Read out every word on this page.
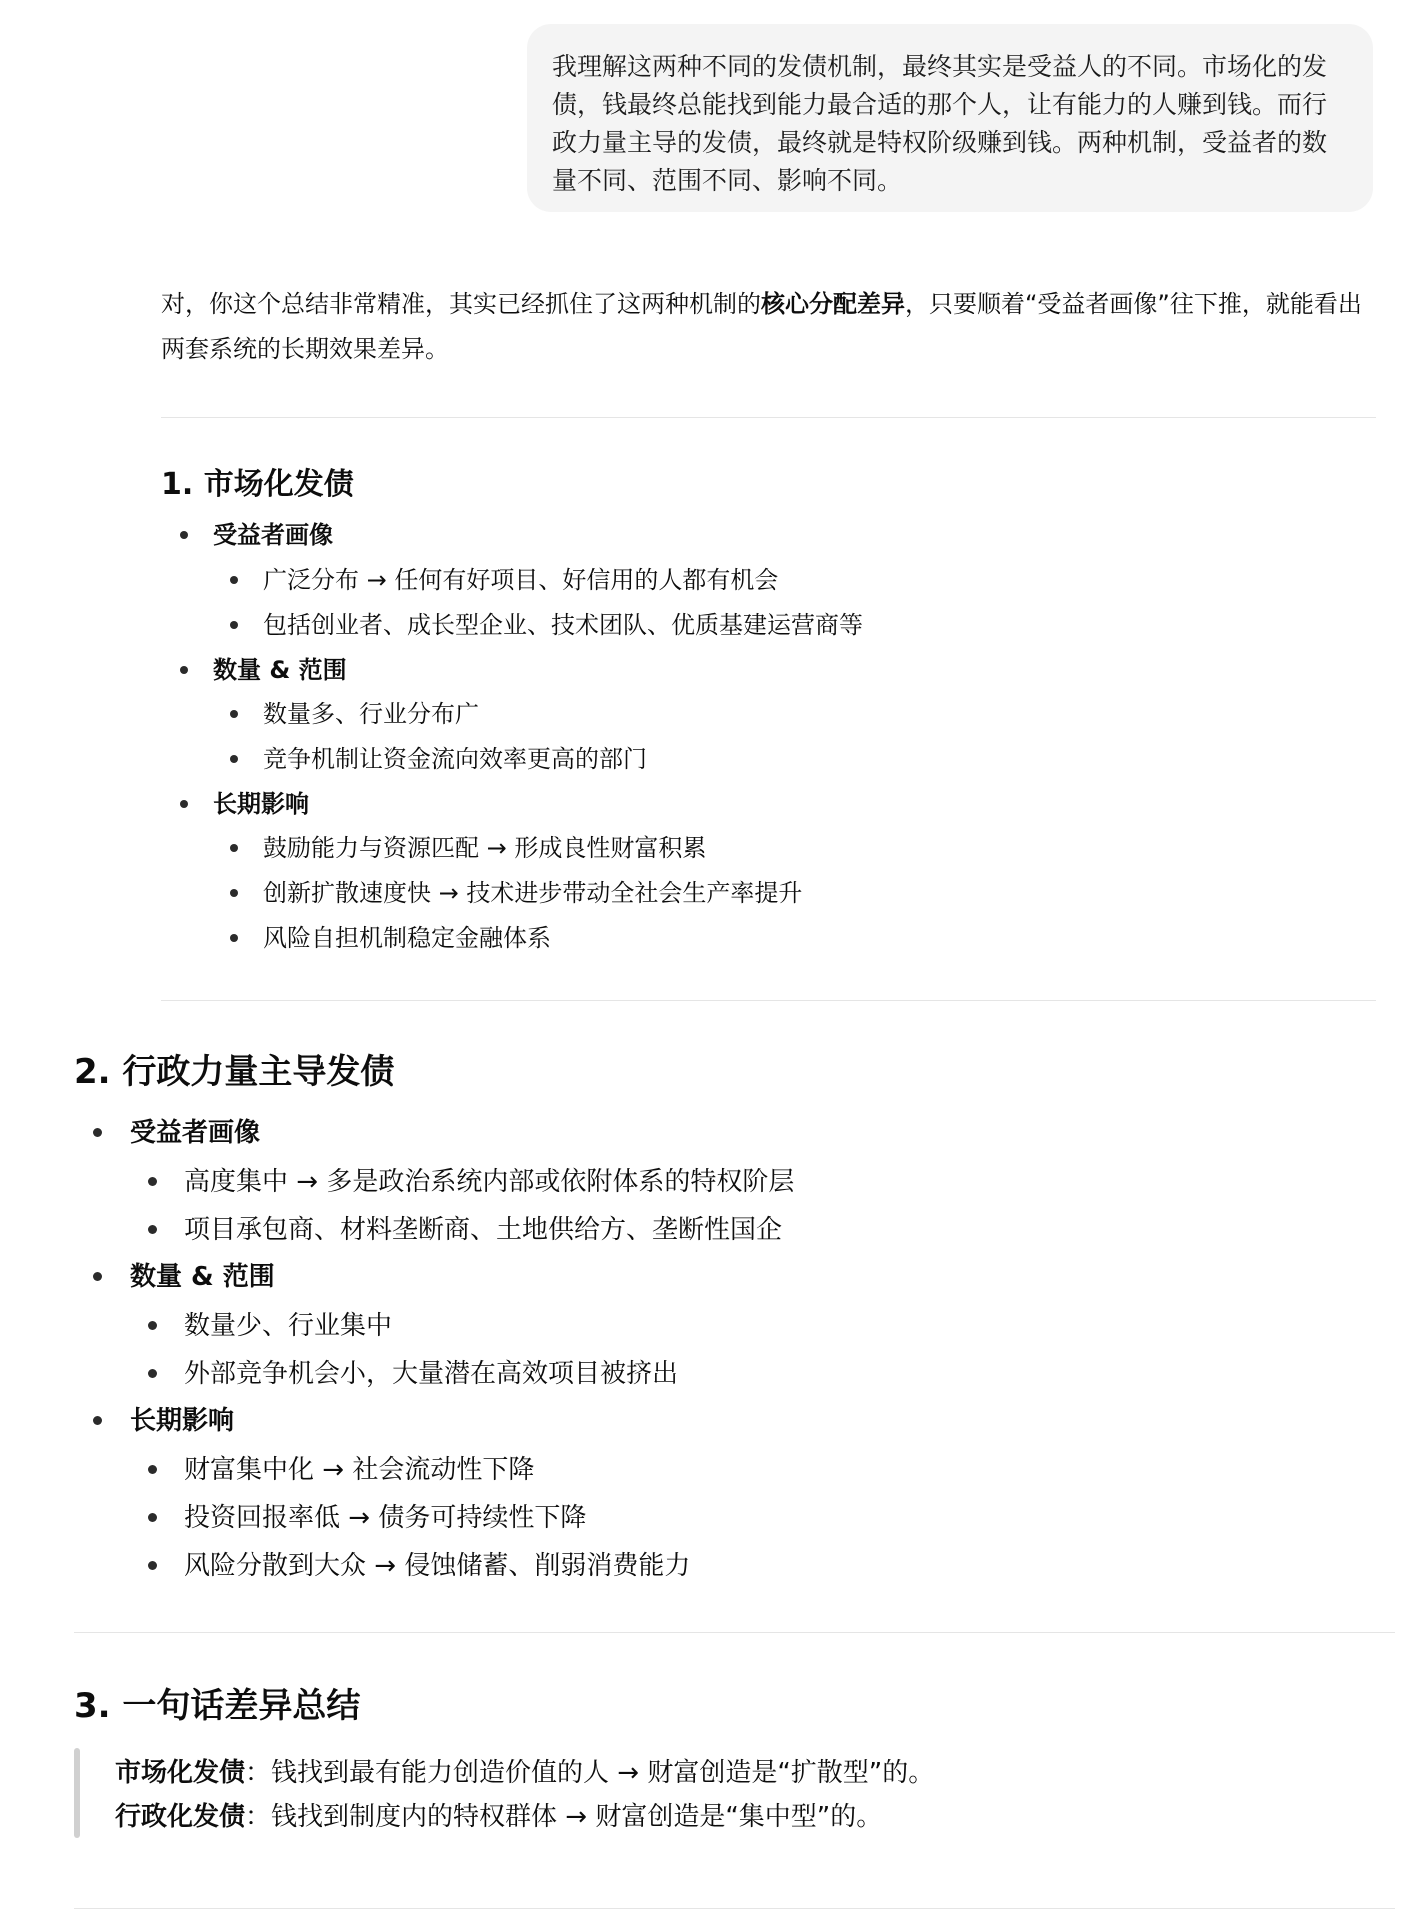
我理解这两种不同的发债机制，最终其实是受益人的不同。市场化的发债，钱最终总能找到能力最合适的那个人，让有能力的人赚到钱。而行政力量主导的发债，最终就是特权阶级赚到钱。两种机制，受益者的数量不同、范围不同、影响不同。
对，你这个总结非常精准，其实已经抓住了这两种机制的核心分配差异，只要顺着“受益者画像”往下推，就能看出两套系统的长期效果差异。
1. 市场化发债
受益者画像
广泛分布 → 任何有好项目、好信用的人都有机会
包括创业者、成长型企业、技术团队、优质基建运营商等
数量 & 范围
数量多、行业分布广
竞争机制让资金流向效率更高的部门
长期影响
鼓励能力与资源匹配 → 形成良性财富积累
创新扩散速度快 → 技术进步带动全社会生产率提升
风险自担机制稳定金融体系
2. 行政力量主导发债
受益者画像
高度集中 → 多是政治系统内部或依附体系的特权阶层
项目承包商、材料垄断商、土地供给方、垄断性国企
数量 & 范围
数量少、行业集中
外部竞争机会小，大量潜在高效项目被挤出
长期影响
财富集中化 → 社会流动性下降
投资回报率低 → 债务可持续性下降
风险分散到大众 → 侵蚀储蓄、削弱消费能力
3. 一句话差异总结
市场化发债：钱找到最有能力创造价值的人 → 财富创造是“扩散型”的。
行政化发债：钱找到制度内的特权群体 → 财富创造是“集中型”的。
